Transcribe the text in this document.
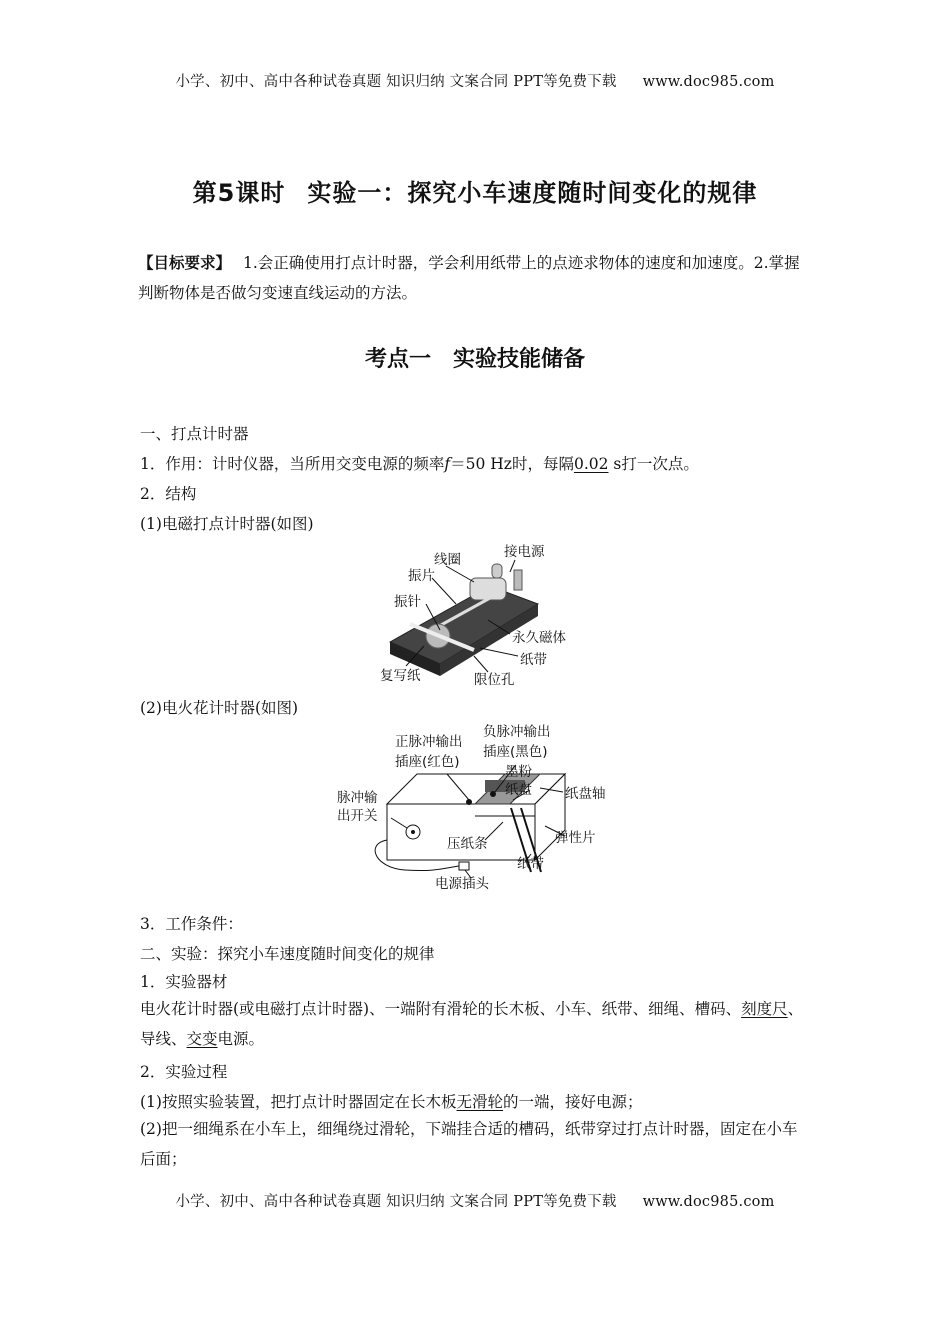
小学、初中、高中各种试卷真题 知识归纳 文案合同 PPT等免费下载 www.doc985.com
第5课时 实验一：探究小车速度随时间变化的规律
【目标要求】 1.会正确使用打点计时器，学会利用纸带上的点迹求物体的速度和加速度。2.掌握判断物体是否做匀变速直线运动的方法。
考点一 实验技能储备
一、打点计时器
1．作用：计时仪器，当所用交变电源的频率f＝50 Hz时，每隔0.02 s打一次点。
2．结构
(1)电磁打点计时器(如图)
线圈	接电源
振片
振针
永久磁体
纸带
复写纸	限位孔
(2)电火花计时器(如图)
正脉冲输出
插座(红色)
负脉冲输出
插座(黑色)
墨粉
纸盘 纸盘轴
脉冲输
出开关
弹性片
压纸条
纸带
电源插头
3．工作条件：
二、实验：探究小车速度随时间变化的规律
1．实验器材
电火花计时器(或电磁打点计时器)、一端附有滑轮的长木板、小车、纸带、细绳、槽码、刻度尺、导线、交变电源。
2．实验过程
(1)按照实验装置，把打点计时器固定在长木板无滑轮的一端，接好电源；
(2)把一细绳系在小车上，细绳绕过滑轮，下端挂合适的槽码，纸带穿过打点计时器，固定在小车后面；
小学、初中、高中各种试卷真题 知识归纳 文案合同 PPT等免费下载 www.doc985.com
